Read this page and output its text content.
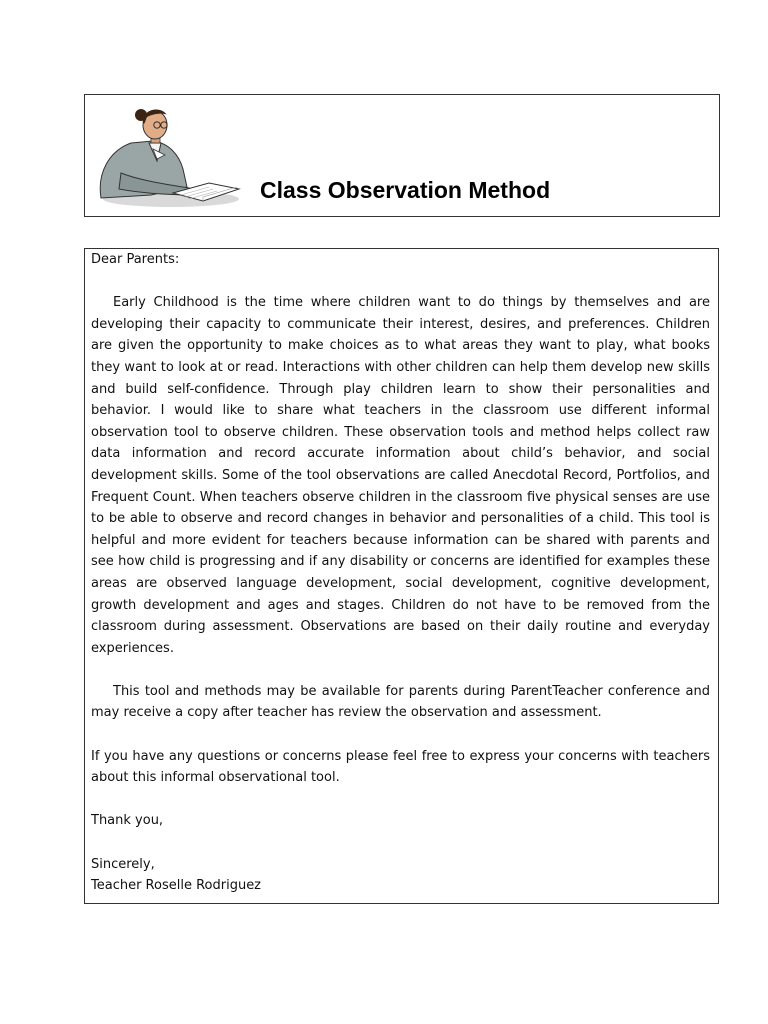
Class Observation Method

Dear Parents:

Early Childhood is the time where children want to do things by themselves and are developing their capacity to communicate their interest, desires, and preferences. Children are given the opportunity to make choices as to what areas they want to play, what books they want to look at or read. Interactions with other children can help them develop new skills and build self-confidence. Through play children learn to show their personalities and behavior. I would like to share what teachers in the classroom use different informal observation tool to observe children. These observation tools and method helps collect raw data information and record accurate information about child’s behavior, and social development skills. Some of the tool observations are called Anecdotal Record, Portfolios, and Frequent Count. When teachers observe children in the classroom five physical senses are use to be able to observe and record changes in behavior and personalities of a child. This tool is helpful and more evident for teachers because information can be shared with parents and see how child is progressing and if any disability or concerns are identified for examples these areas are observed language development, social development, cognitive development, growth development and ages and stages. Children do not have to be removed from the classroom during assessment. Observations are based on their daily routine and everyday experiences.

This tool and methods may be available for parents during ParentTeacher conference and may receive a copy after teacher has review the observation and assessment.

If you have any questions or concerns please feel free to express your concerns with teachers about this informal observational tool.

Thank you,

Sincerely,

Teacher Roselle Rodriguez
